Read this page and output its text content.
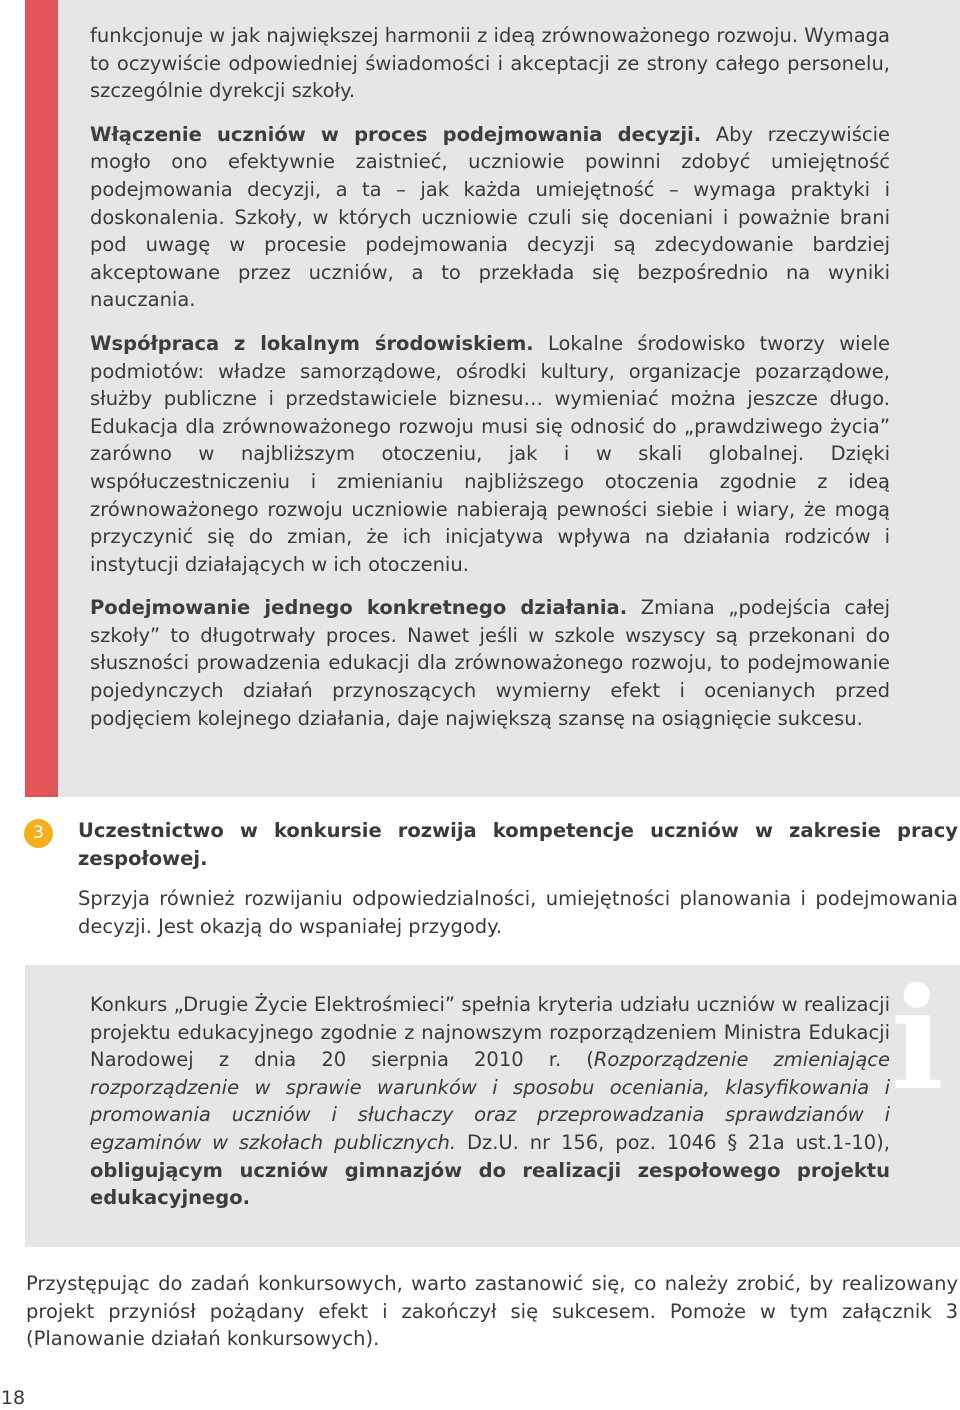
funkcjonuje w jak największej harmonii z ideą zrównoważonego rozwoju. Wymaga to oczywiście odpowiedniej świadomości i akceptacji ze strony całego personelu, szczególnie dyrekcji szkoły.

Włączenie uczniów w proces podejmowania decyzji. Aby rzeczywiście mogło ono efektywnie zaistnieć, uczniowie powinni zdobyć umiejętność podejmowania decyzji, a ta – jak każda umiejętność – wymaga praktyki i doskonalenia. Szkoły, w których uczniowie czuli się doceniani i poważnie brani pod uwagę w procesie podejmowania decyzji są zdecydowanie bardziej akceptowane przez uczniów, a to przekłada się bezpośrednio na wyniki nauczania.

Współpraca z lokalnym środowiskiem. Lokalne środowisko tworzy wiele podmiotów: władze samorządowe, ośrodki kultury, organizacje pozarządowe, służby publiczne i przedstawiciele biznesu… wymieniać można jeszcze długo. Edukacja dla zrównoważonego rozwoju musi się odnosić do „prawdziwego życia” zarówno w najbliższym otoczeniu, jak i w skali globalnej. Dzięki współuczestniczeniu i zmienianiu najbliższego otoczenia zgodnie z ideą zrównoważonego rozwoju uczniowie nabierają pewności siebie i wiary, że mogą przyczynić się do zmian, że ich inicjatywa wpływa na działania rodziców i instytucji działających w ich otoczeniu.

Podejmowanie jednego konkretnego działania. Zmiana „podejścia całej szkoły” to długotrwały proces. Nawet jeśli w szkole wszyscy są przekonani do słuszności prowadzenia edukacji dla zrównoważonego rozwoju, to podejmowanie pojedynczych działań przynoszących wymierny efekt i ocenianych przed podjęciem kolejnego działania, daje największą szansę na osiągnięcie sukcesu.

3	Uczestnictwo w konkursie rozwija kompetencje uczniów w zakresie pracy zespołowej.

Sprzyja również rozwijaniu odpowiedzialności, umiejętności planowania i podejmowania decyzji. Jest okazją do wspaniałej przygody.

i

Konkurs „Drugie Życie Elektrośmieci” spełnia kryteria udziału uczniów w realizacji projektu edukacyjnego zgodnie z najnowszym rozporządzeniem Ministra Edukacji Narodowej z dnia 20 sierpnia 2010 r. (Rozporządzenie zmieniające rozporządzenie w sprawie warunków i sposobu oceniania, klasyfikowania i promowania uczniów i słuchaczy oraz przeprowadzania sprawdzianów i egzaminów w szkołach publicznych. Dz.U. nr 156, poz. 1046 § 21a ust.1-10), obligującym uczniów gimnazjów do realizacji zespołowego projektu edukacyjnego.

Przystępując do zadań konkursowych, warto zastanowić się, co należy zrobić, by realizowany projekt przyniósł pożądany efekt i zakończył się sukcesem. Pomoże w tym załącznik 3 (Planowanie działań konkursowych).

18
